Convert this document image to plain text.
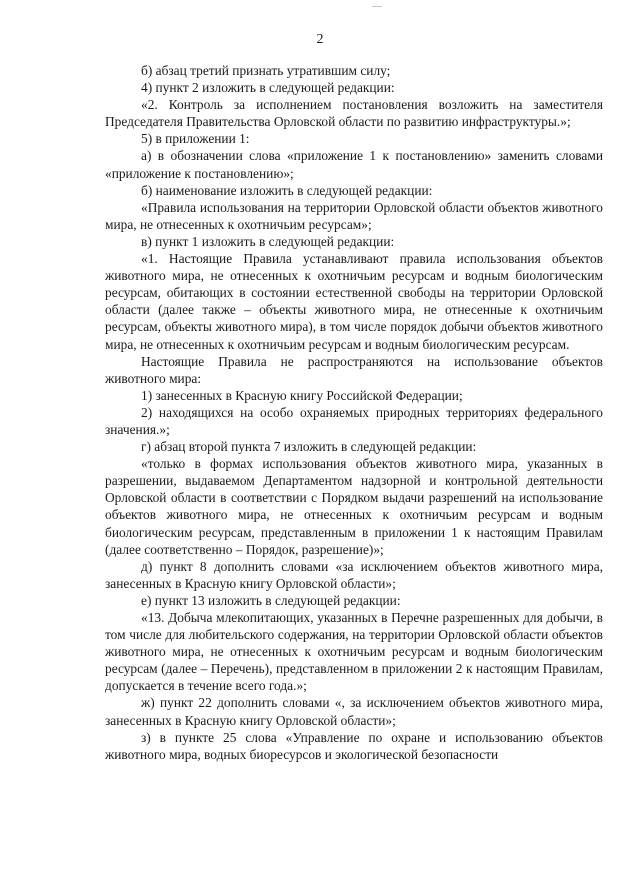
2

б) абзац третий признать утратившим силу;

4) пункт 2 изложить в следующей редакции:

«2. Контроль за исполнением постановления возложить на заместителя Председателя Правительства Орловской области по развитию инфраструктуры.»;

5) в приложении 1:

а) в обозначении слова «приложение 1 к постановлению» заменить словами «приложение к постановлению»;

б) наименование изложить в следующей редакции:

«Правила использования на территории Орловской области объектов животного мира, не отнесенных к охотничьим ресурсам»;

в) пункт 1 изложить в следующей редакции:

«1. Настоящие Правила устанавливают правила использования объектов животного мира, не отнесенных к охотничьим ресурсам и водным биологическим ресурсам, обитающих в состоянии естественной свободы на территории Орловской области (далее также – объекты животного мира, не отнесенные к охотничьим ресурсам, объекты животного мира), в том числе порядок добычи объектов животного мира, не отнесенных к охотничьим ресурсам и водным биологическим ресурсам.

Настоящие Правила не распространяются на использование объектов животного мира:

1) занесенных в Красную книгу Российской Федерации;

2) находящихся на особо охраняемых природных территориях федерального значения.»;

г) абзац второй пункта 7 изложить в следующей редакции:

«только в формах использования объектов животного мира, указанных в разрешении, выдаваемом Департаментом надзорной и контрольной деятельности Орловской области в соответствии с Порядком выдачи разрешений на использование объектов животного мира, не отнесенных к охотничьим ресурсам и водным биологическим ресурсам, представленным в приложении 1 к настоящим Правилам (далее соответственно – Порядок, разрешение)»;

д) пункт 8 дополнить словами «за исключением объектов животного мира, занесенных в Красную книгу Орловской области»;

е) пункт 13 изложить в следующей редакции:

«13. Добыча млекопитающих, указанных в Перечне разрешенных для добычи, в том числе для любительского содержания, на территории Орловской области объектов животного мира, не отнесенных к охотничьим ресурсам и водным биологическим ресурсам (далее – Перечень), представленном в приложении 2 к настоящим Правилам, допускается в течение всего года.»;

ж) пункт 22 дополнить словами «, за исключением объектов животного мира, занесенных в Красную книгу Орловской области»;

з) в пункте 25 слова «Управление по охране и использованию объектов животного мира, водных биоресурсов и экологической безопасности
